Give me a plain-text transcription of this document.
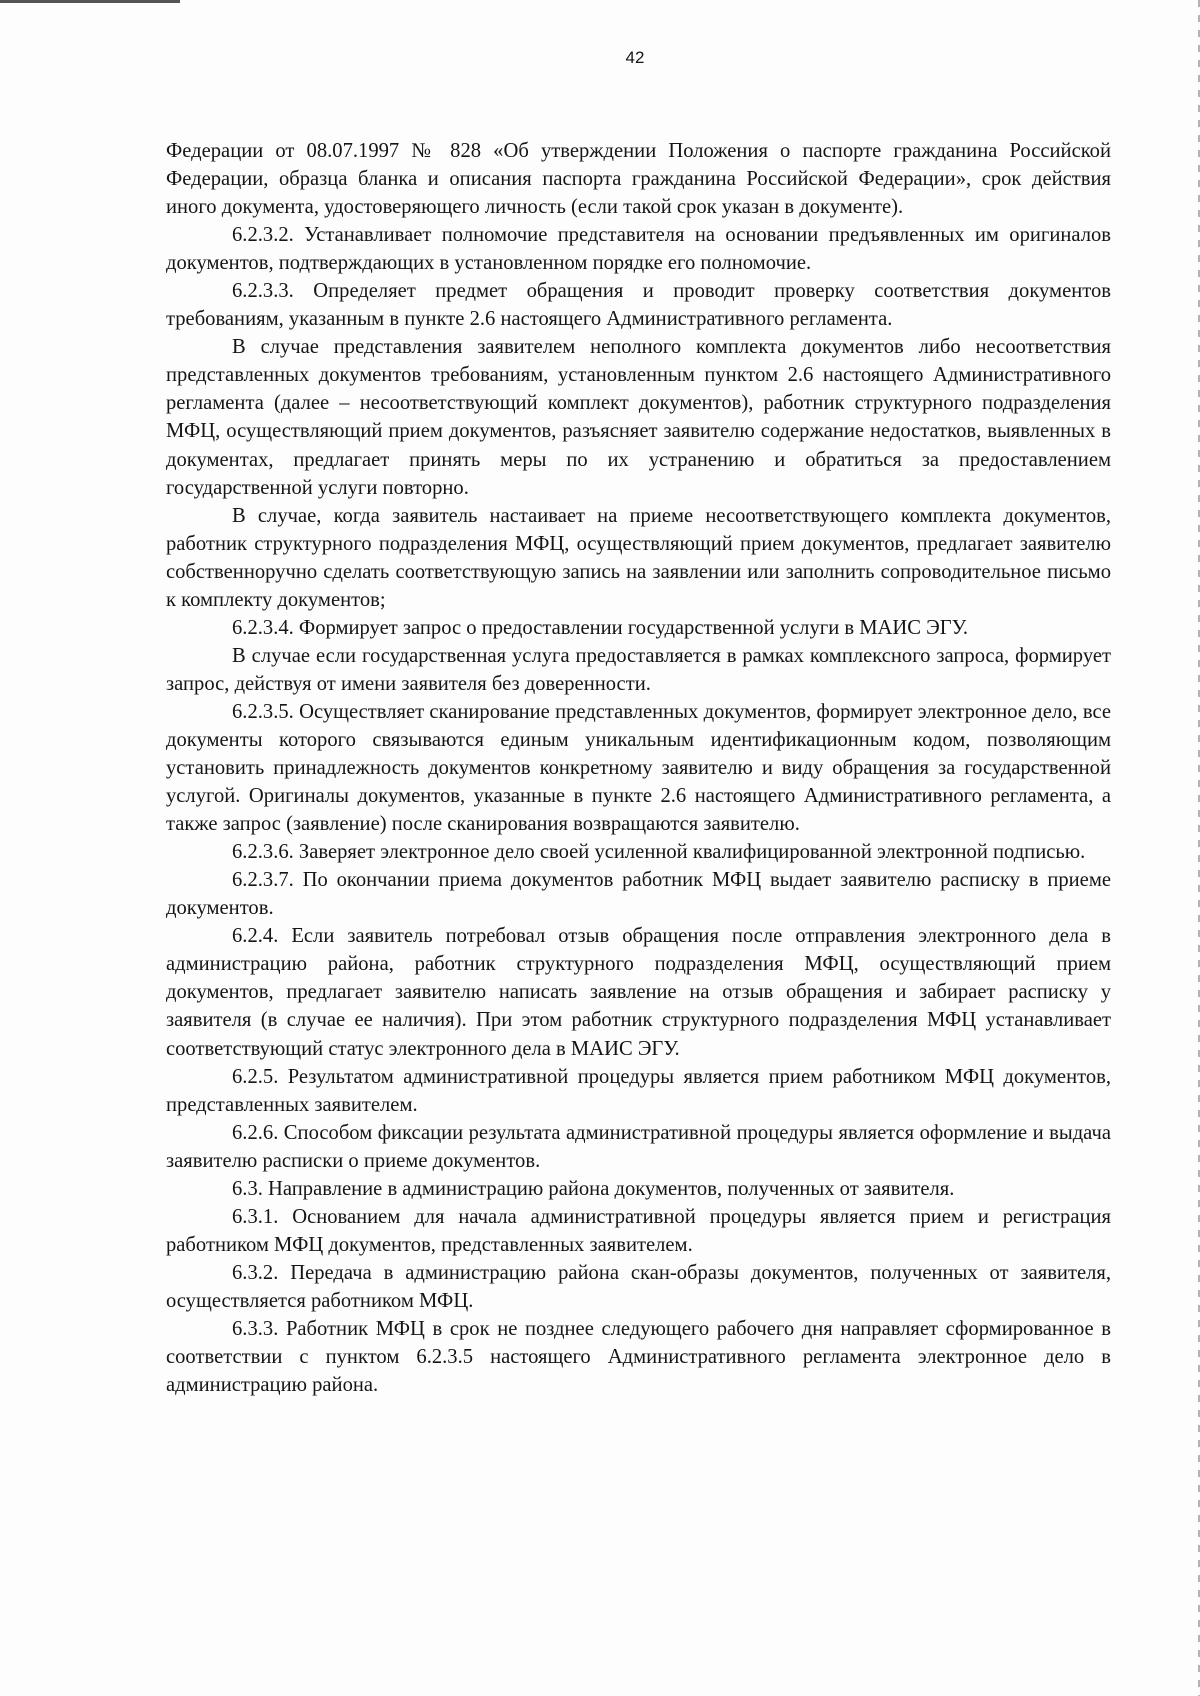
42

Федерации от 08.07.1997 № 828 «Об утверждении Положения о паспорте гражданина Российской Федерации, образца бланка и описания паспорта гражданина Российской Федерации», срок действия иного документа, удостоверяющего личность (если такой срок указан в документе).

6.2.3.2. Устанавливает полномочие представителя на основании предъявленных им оригиналов документов, подтверждающих в установленном порядке его полномочие.

6.2.3.3. Определяет предмет обращения и проводит проверку соответствия документов требованиям, указанным в пункте 2.6 настоящего Административного регламента.

В случае представления заявителем неполного комплекта документов либо несоответствия представленных документов требованиям, установленным пунктом 2.6 настоящего Административного регламента (далее – несоответствующий комплект документов), работник структурного подразделения МФЦ, осуществляющий прием документов, разъясняет заявителю содержание недостатков, выявленных в документах, предлагает принять меры по их устранению и обратиться за предоставлением государственной услуги повторно.

В случае, когда заявитель настаивает на приеме несоответствующего комплекта документов, работник структурного подразделения МФЦ, осуществляющий прием документов, предлагает заявителю собственноручно сделать соответствующую запись на заявлении или заполнить сопроводительное письмо к комплекту документов;

6.2.3.4. Формирует запрос о предоставлении государственной услуги в МАИС ЭГУ.

В случае если государственная услуга предоставляется в рамках комплексного запроса, формирует запрос, действуя от имени заявителя без доверенности.

6.2.3.5. Осуществляет сканирование представленных документов, формирует электронное дело, все документы которого связываются единым уникальным идентификационным кодом, позволяющим установить принадлежность документов конкретному заявителю и виду обращения за государственной услугой. Оригиналы документов, указанные в пункте 2.6 настоящего Административного регламента, а также запрос (заявление) после сканирования возвращаются заявителю.

6.2.3.6. Заверяет электронное дело своей усиленной квалифицированной электронной подписью.

6.2.3.7. По окончании приема документов работник МФЦ выдает заявителю расписку в приеме документов.

6.2.4. Если заявитель потребовал отзыв обращения после отправления электронного дела в администрацию района, работник структурного подразделения МФЦ, осуществляющий прием документов, предлагает заявителю написать заявление на отзыв обращения и забирает расписку у заявителя (в случае ее наличия). При этом работник структурного подразделения МФЦ устанавливает соответствующий статус электронного дела в МАИС ЭГУ.

6.2.5. Результатом административной процедуры является прием работником МФЦ документов, представленных заявителем.

6.2.6. Способом фиксации результата административной процедуры является оформление и выдача заявителю расписки о приеме документов.

6.3. Направление в администрацию района документов, полученных от заявителя.

6.3.1. Основанием для начала административной процедуры является прием и регистрация работником МФЦ документов, представленных заявителем.

6.3.2. Передача в администрацию района скан-образы документов, полученных от заявителя, осуществляется работником МФЦ.

6.3.3. Работник МФЦ в срок не позднее следующего рабочего дня направляет сформированное в соответствии с пунктом 6.2.3.5 настоящего Административного регламента электронное дело в администрацию района.
